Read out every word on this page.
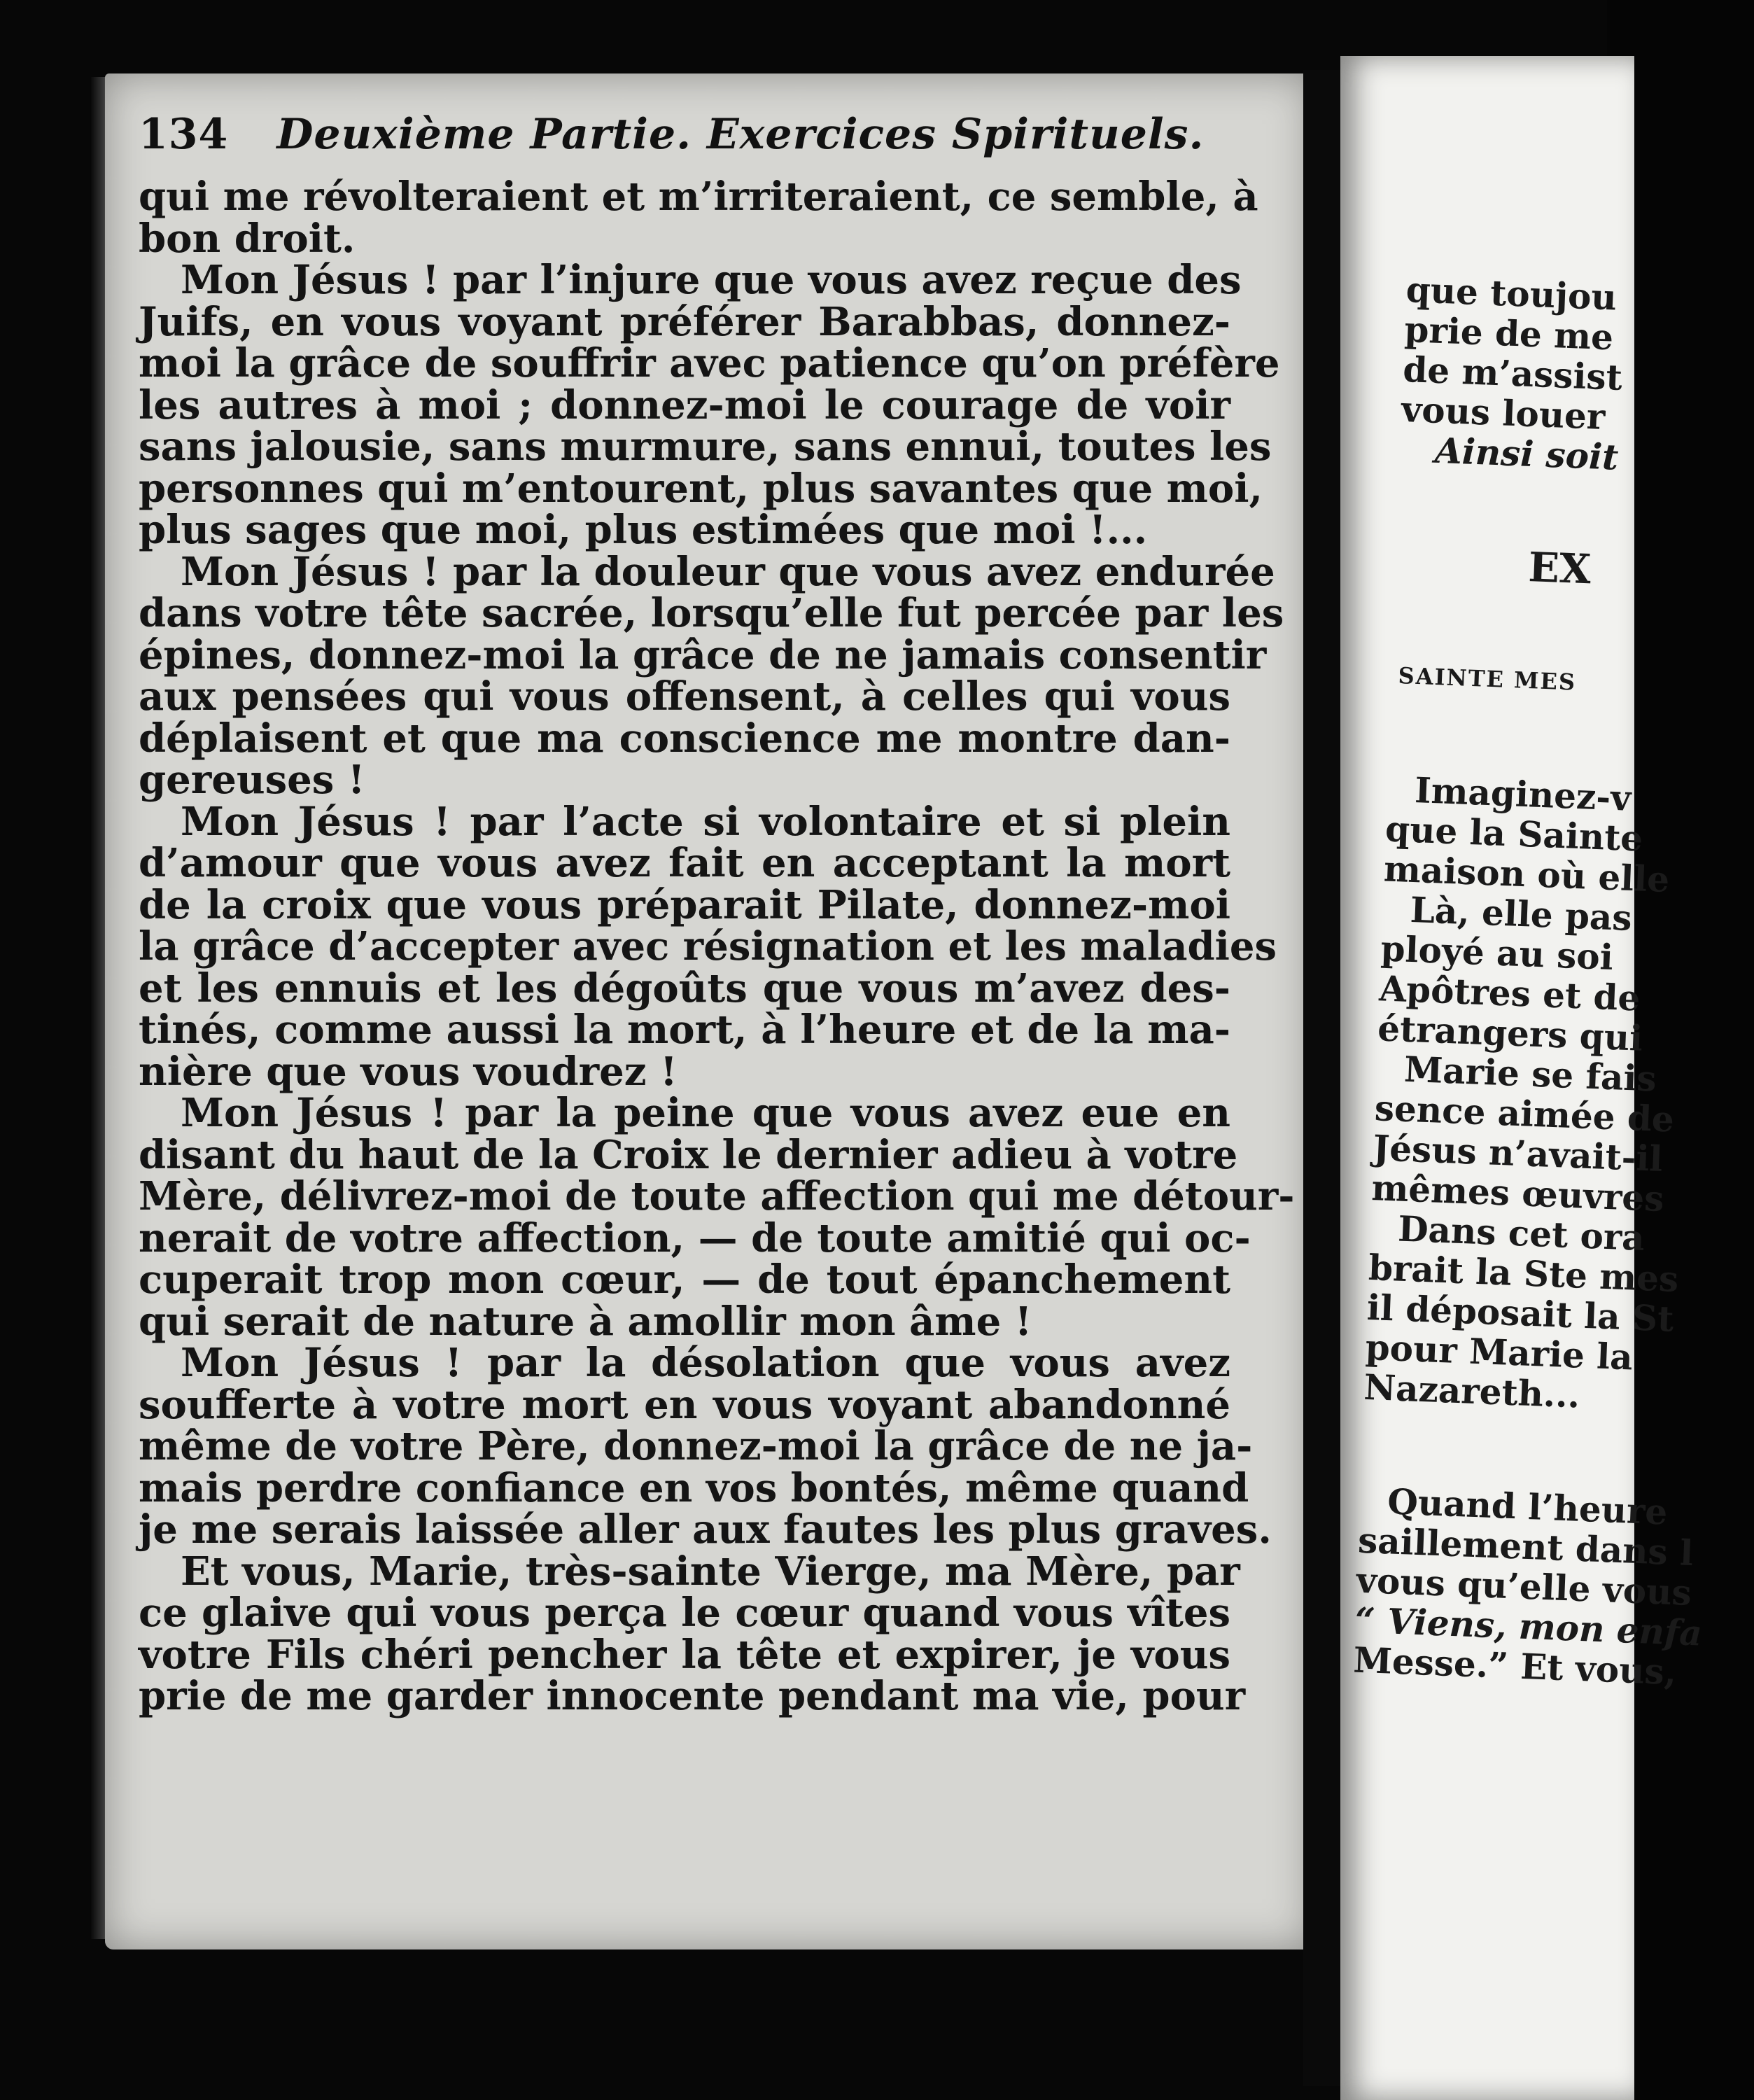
134 Deuxième Partie. Exercices Spirituels.
qui me révolteraient et m’irriteraient, ce semble, à
bon droit.
Mon Jésus ! par l’injure que vous avez reçue des
Juifs, en vous voyant préférer Barabbas, donnez-
moi la grâce de souffrir avec patience qu’on préfère
les autres à moi ; donnez-moi le courage de voir
sans jalousie, sans murmure, sans ennui, toutes les
personnes qui m’entourent, plus savantes que moi,
plus sages que moi, plus estimées que moi !...
Mon Jésus ! par la douleur que vous avez endurée
dans votre tête sacrée, lorsqu’elle fut percée par les
épines, donnez-moi la grâce de ne jamais consentir
aux pensées qui vous offensent, à celles qui vous
déplaisent et que ma conscience me montre dan-
gereuses !
Mon Jésus ! par l’acte si volontaire et si plein
d’amour que vous avez fait en acceptant la mort
de la croix que vous préparait Pilate, donnez-moi
la grâce d’accepter avec résignation et les maladies
et les ennuis et les dégoûts que vous m’avez des-
tinés, comme aussi la mort, à l’heure et de la ma-
nière que vous voudrez !
Mon Jésus ! par la peine que vous avez eue en
disant du haut de la Croix le dernier adieu à votre
Mère, délivrez-moi de toute affection qui me détour-
nerait de votre affection, — de toute amitié qui oc-
cuperait trop mon cœur, — de tout épanchement
qui serait de nature à amollir mon âme !
Mon Jésus ! par la désolation que vous avez
soufferte à votre mort en vous voyant abandonné
même de votre Père, donnez-moi la grâce de ne ja-
mais perdre confiance en vos bontés, même quand
je me serais laissée aller aux fautes les plus graves.
Et vous, Marie, très-sainte Vierge, ma Mère, par
ce glaive qui vous perça le cœur quand vous vîtes
votre Fils chéri pencher la tête et expirer, je vous
prie de me garder innocente pendant ma vie, pour
que toujou
prie de me
de m’assist
vous louer
Ainsi soit
EX
SAINTE MES
Imaginez-v
que la Sainte
maison où elle
Là, elle pas
ployé au soi
Apôtres et de
étrangers qui
Marie se fais
sence aimée de
Jésus n’avait-il
mêmes œuvres
Dans cet ora
brait la Ste mes
il déposait la St
pour Marie la
Nazareth...
Quand l’heure
saillement dans l
vous qu’elle vous
“ Viens, mon enfa
Messe.” Et vous,
